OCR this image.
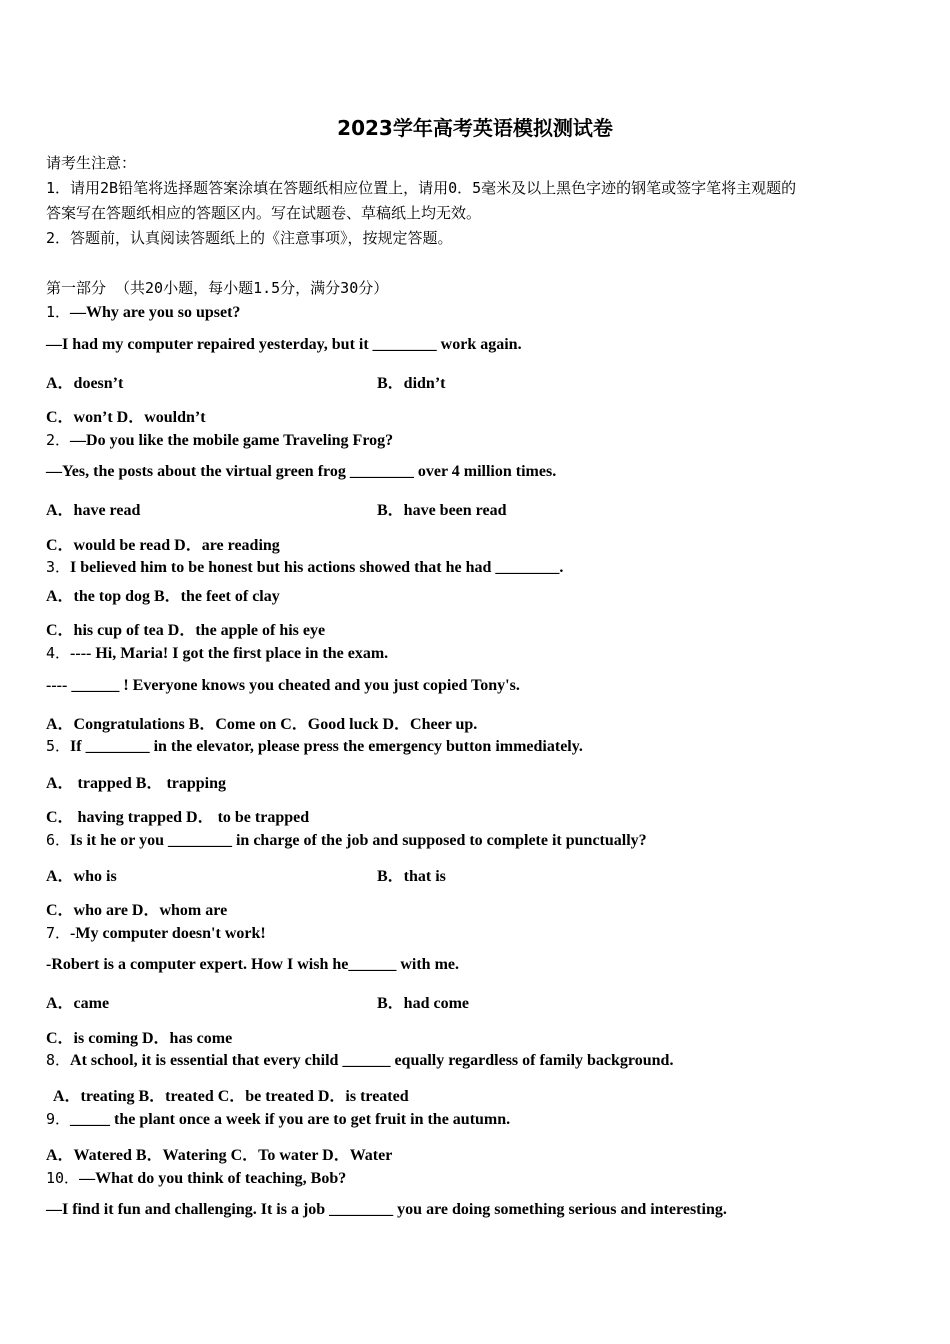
2023学年高考英语模拟测试卷
请考生注意：
1．请用2B铅笔将选择题答案涂填在答题纸相应位置上，请用0．5毫米及以上黑色字迹的钢笔或签字笔将主观题的
答案写在答题纸相应的答题区内。写在试题卷、草稿纸上均无效。
2．答题前，认真阅读答题纸上的《注意事项》，按规定答题。
第一部分 （共20小题，每小题1.5分，满分30分）
1．—Why are you so upset?
—I had my computer repaired yesterday, but it ________ work again.
A．doesn’t	B．didn’t
C．won’t D．wouldn’t
2．—Do you like the mobile game Traveling Frog?
—Yes, the posts about the virtual green frog ________ over 4 million times.
A．have read	B．have been read
C．would be read D．are reading
3．I believed him to be honest but his actions showed that he had ________.
A．the top dog B．the feet of clay
C．his cup of tea D．the apple of his eye
4．---- Hi, Maria! I got the first place in the exam.
---- ______ ! Everyone knows you cheated and you just copied Tony's.
A．Congratulations B．Come on C．Good luck D．Cheer up.
5．If ________ in the elevator, please press the emergency button immediately.
A． trapped B． trapping
C． having trapped D． to be trapped
6．Is it he or you ________ in charge of the job and supposed to complete it punctually?
A．who is	B．that is
C．who are D．whom are
7．-My computer doesn't work!
-Robert is a computer expert. How I wish he______ with me.
A．came	B．had come
C．is coming D．has come
8．At school, it is essential that every child ______ equally regardless of family background.
A．treating B．treated C．be treated D．is treated
9．_____ the plant once a week if you are to get fruit in the autumn.
A．Watered B．Watering C．To water D．Water
10．—What do you think of teaching, Bob?
—I find it fun and challenging. It is a job ________ you are doing something serious and interesting.
